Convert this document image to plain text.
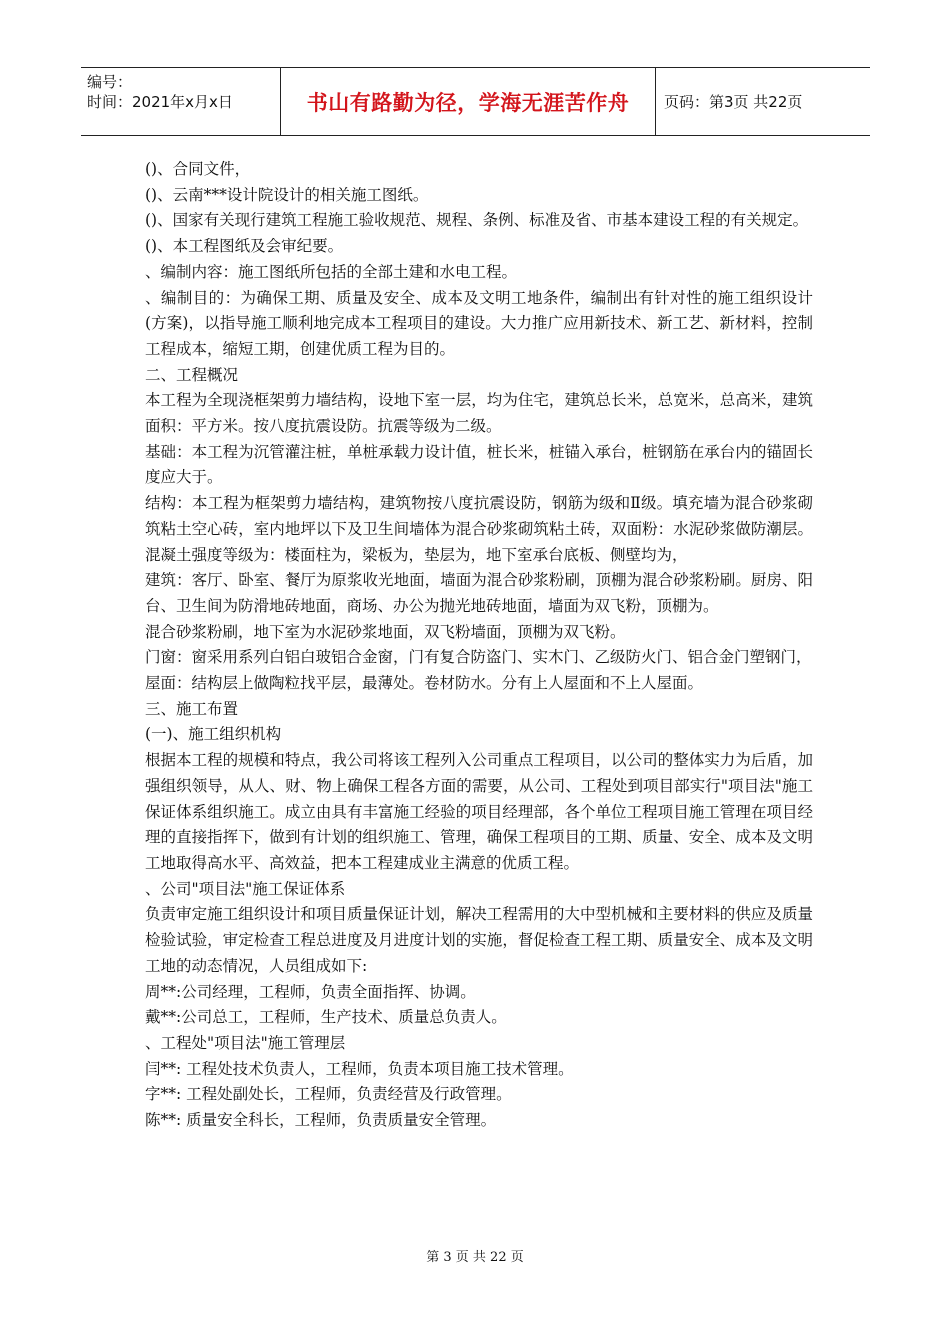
编号：
时间：2021年x月x日	书山有路勤为径，学海无涯苦作舟	页码：第3页 共22页

()、合同文件，

()、云南***设计院设计的相关施工图纸。

()、国家有关现行建筑工程施工验收规范、规程、条例、标准及省、市基本建设工程的有关规定。

()、本工程图纸及会审纪要。

、编制内容：施工图纸所包括的全部土建和水电工程。

、编制目的：为确保工期、质量及安全、成本及文明工地条件，编制出有针对性的施工组织设计(方案)，以指导施工顺利地完成本工程项目的建设。大力推广应用新技术、新工艺、新材料，控制工程成本，缩短工期，创建优质工程为目的。

二、工程概况

本工程为全现浇框架剪力墙结构，设地下室一层，均为住宅，建筑总长米，总宽米，总高米，建筑面积：平方米。按八度抗震设防。抗震等级为二级。

基础：本工程为沉管灌注桩，单桩承载力设计值，桩长米，桩锚入承台，桩钢筋在承台内的锚固长度应大于。

结构：本工程为框架剪力墙结构，建筑物按八度抗震设防，钢筋为级和Ⅱ级。填充墙为混合砂浆砌筑粘土空心砖，室内地坪以下及卫生间墙体为混合砂浆砌筑粘土砖，双面粉：水泥砂浆做防潮层。混凝土强度等级为：楼面柱为，梁板为，垫层为，地下室承台底板、侧壁均为，

建筑：客厅、卧室、餐厅为原浆收光地面，墙面为混合砂浆粉刷，顶棚为混合砂浆粉刷。厨房、阳台、卫生间为防滑地砖地面，商场、办公为抛光地砖地面，墙面为双飞粉，顶棚为。

混合砂浆粉刷，地下室为水泥砂浆地面，双飞粉墙面，顶棚为双飞粉。

门窗：窗采用系列白铝白玻铝合金窗，门有复合防盗门、实木门、乙级防火门、铝合金门塑钢门，

屋面：结构层上做陶粒找平层，最薄处。卷材防水。分有上人屋面和不上人屋面。

三、施工布置

(一)、施工组织机构

根据本工程的规模和特点，我公司将该工程列入公司重点工程项目，以公司的整体实力为后盾，加强组织领导，从人、财、物上确保工程各方面的需要，从公司、工程处到项目部实行"项目法"施工保证体系组织施工。成立由具有丰富施工经验的项目经理部，各个单位工程项目施工管理在项目经理的直接指挥下，做到有计划的组织施工、管理，确保工程项目的工期、质量、安全、成本及文明工地取得高水平、高效益，把本工程建成业主满意的优质工程。

、公司"项目法"施工保证体系

负责审定施工组织设计和项目质量保证计划，解决工程需用的大中型机械和主要材料的供应及质量检验试验，审定检查工程总进度及月进度计划的实施，督促检查工程工期、质量安全、成本及文明工地的动态情况，人员组成如下:

周**:公司经理，工程师，负责全面指挥、协调。

戴**:公司总工，工程师，生产技术、质量总负责人。

、工程处"项目法"施工管理层

闫**: 工程处技术负责人，工程师，负责本项目施工技术管理。

字**: 工程处副处长，工程师，负责经营及行政管理。

陈**: 质量安全科长，工程师，负责质量安全管理。

第 3 页 共 22 页
